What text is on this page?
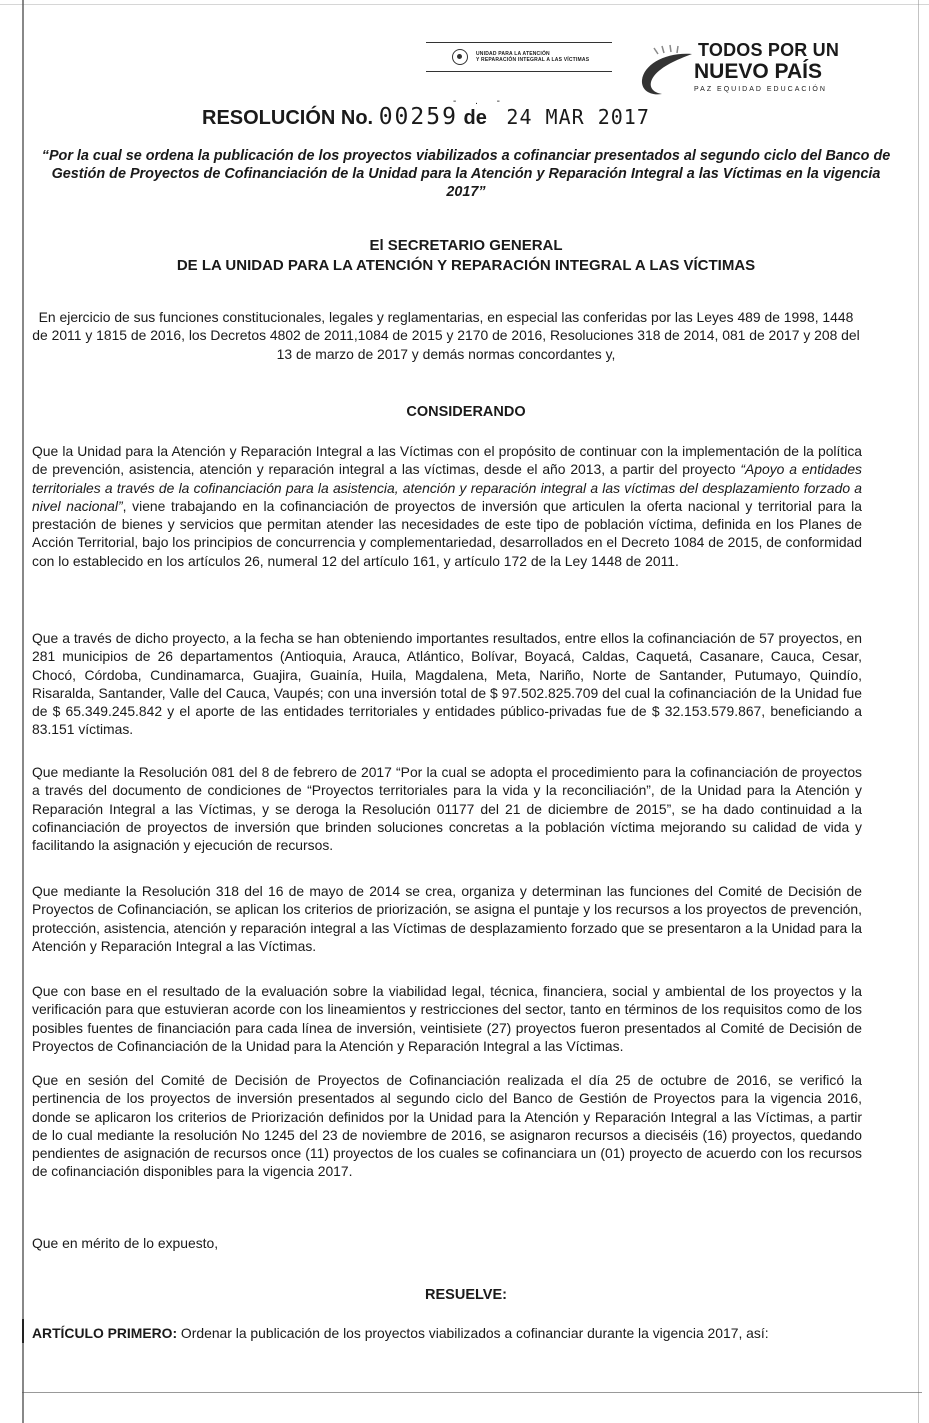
UNIDAD PARA LA ATENCIÓN
Y REPARACIÓN INTEGRAL A LAS VÍCTIMAS	TODOS POR UN
NUEVO PAÍS
PAZ EQUIDAD EDUCACIÓN
- . -
RESOLUCIÓN No. 00259 de 24 MAR 2017
“Por la cual se ordena la publicación de los proyectos viabilizados a cofinanciar presentados al segundo ciclo del Banco de Gestión de Proyectos de Cofinanciación de la Unidad para la Atención y Reparación Integral a las Víctimas en la vigencia 2017”
El SECRETARIO GENERAL
DE LA UNIDAD PARA LA ATENCIÓN Y REPARACIÓN INTEGRAL A LAS VÍCTIMAS

En ejercicio de sus funciones constitucionales, legales y reglamentarias, en especial las conferidas por las Leyes 489 de 1998, 1448 de 2011 y 1815 de 2016, los Decretos 4802 de 2011,1084 de 2015 y 2170 de 2016, Resoluciones 318 de 2014, 081 de 2017 y 208 del 13 de marzo de 2017 y demás normas concordantes y,

CONSIDERANDO

Que la Unidad para la Atención y Reparación Integral a las Víctimas con el propósito de continuar con la implementación de la política de prevención, asistencia, atención y reparación integral a las víctimas, desde el año 2013, a partir del proyecto “Apoyo a entidades territoriales a través de la cofinanciación para la asistencia, atención y reparación integral a las víctimas del desplazamiento forzado a nivel nacional”, viene trabajando en la cofinanciación de proyectos de inversión que articulen la oferta nacional y territorial para la prestación de bienes y servicios que permitan atender las necesidades de este tipo de población víctima, definida en los Planes de Acción Territorial, bajo los principios de concurrencia y complementariedad, desarrollados en el Decreto 1084 de 2015, de conformidad con lo establecido en los artículos 26, numeral 12 del artículo 161, y artículo 172 de la Ley 1448 de 2011.

Que a través de dicho proyecto, a la fecha se han obteniendo importantes resultados, entre ellos la cofinanciación de 57 proyectos, en 281 municipios de 26 departamentos (Antioquia, Arauca, Atlántico, Bolívar, Boyacá, Caldas, Caquetá, Casanare, Cauca, Cesar, Chocó, Córdoba, Cundinamarca, Guajira, Guainía, Huila, Magdalena, Meta, Nariño, Norte de Santander, Putumayo, Quindío, Risaralda, Santander, Valle del Cauca, Vaupés; con una inversión total de $ 97.502.825.709 del cual la cofinanciación de la Unidad fue de $ 65.349.245.842 y el aporte de las entidades territoriales y entidades público-privadas fue de $ 32.153.579.867, beneficiando a 83.151 víctimas.

Que mediante la Resolución 081 del 8 de febrero de 2017 “Por la cual se adopta el procedimiento para la cofinanciación de proyectos a través del documento de condiciones de “Proyectos territoriales para la vida y la reconciliación”, de la Unidad para la Atención y Reparación Integral a las Víctimas, y se deroga la Resolución 01177 del 21 de diciembre de 2015”, se ha dado continuidad a la cofinanciación de proyectos de inversión que brinden soluciones concretas a la población víctima mejorando su calidad de vida y facilitando la asignación y ejecución de recursos.

Que mediante la Resolución 318 del 16 de mayo de 2014 se crea, organiza y determinan las funciones del Comité de Decisión de Proyectos de Cofinanciación, se aplican los criterios de priorización, se asigna el puntaje y los recursos a los proyectos de prevención, protección, asistencia, atención y reparación integral a las Víctimas de desplazamiento forzado que se presentaron a la Unidad para la Atención y Reparación Integral a las Víctimas.

Que con base en el resultado de la evaluación sobre la viabilidad legal, técnica, financiera, social y ambiental de los proyectos y la verificación para que estuvieran acorde con los lineamientos y restricciones del sector, tanto en términos de los requisitos como de los posibles fuentes de financiación para cada línea de inversión, veintisiete (27) proyectos fueron presentados al Comité de Decisión de Proyectos de Cofinanciación de la Unidad para la Atención y Reparación Integral a las Víctimas.

Que en sesión del Comité de Decisión de Proyectos de Cofinanciación realizada el día 25 de octubre de 2016, se verificó la pertinencia de los proyectos de inversión presentados al segundo ciclo del Banco de Gestión de Proyectos para la vigencia 2016, donde se aplicaron los criterios de Priorización definidos por la Unidad para la Atención y Reparación Integral a las Víctimas, a partir de lo cual mediante la resolución No 1245 del 23 de noviembre de 2016, se asignaron recursos a dieciséis (16) proyectos, quedando pendientes de asignación de recursos once (11) proyectos de los cuales se cofinanciara un (01) proyecto de acuerdo con los recursos de cofinanciación disponibles para la vigencia 2017.

Que en mérito de lo expuesto,

RESUELVE:

ARTÍCULO PRIMERO: Ordenar la publicación de los proyectos viabilizados a cofinanciar durante la vigencia 2017, así:
